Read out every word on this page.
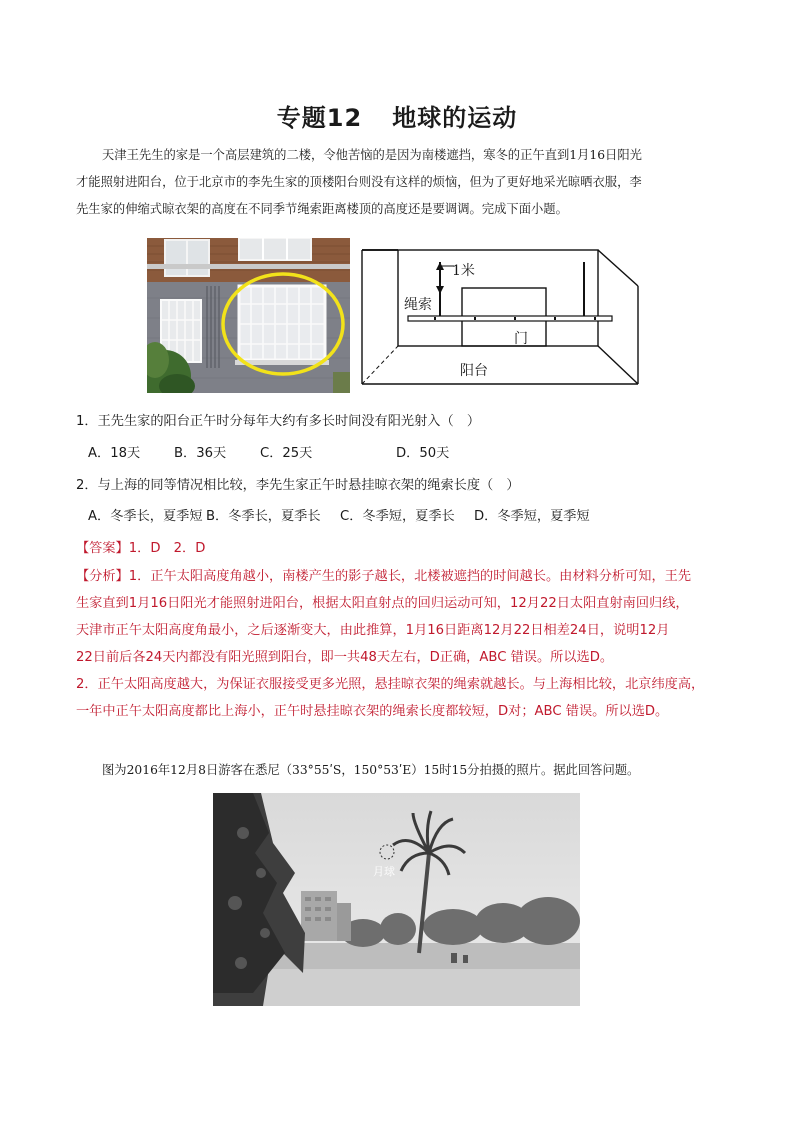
专题12 地球的运动

天津王先生的家是一个高层建筑的二楼，令他苦恼的是因为南楼遮挡，寒冬的正午直到1月16日阳光

才能照射进阳台，位于北京市的李先生家的顶楼阳台则没有这样的烦恼，但为了更好地采光晾晒衣服，李

先生家的伸缩式晾衣架的高度在不同季节绳索距离楼顶的高度还是要调调。完成下面小题。

1米
绳索
门
阳台
1．王先生家的阳台正午时分每年大约有多长时间没有阳光射入（　）
A．18天	B．36天	C．25天	D．50天
2．与上海的同等情况相比较，李先生家正午时悬挂晾衣架的绳索长度（　）
A．冬季长，夏季短 B．冬季长，夏季长 C．冬季短，夏季长 D．冬季短，夏季短
【答案】1．D　2．D

【分析】1．正午太阳高度角越小，南楼产生的影子越长，北楼被遮挡的时间越长。由材料分析可知，王先

生家直到1月16日阳光才能照射进阳台，根据太阳直射点的回归运动可知，12月22日太阳直射南回归线，

天津市正午太阳高度角最小，之后逐渐变大，由此推算，1月16日距离12月22日相差24日，说明12月

22日前后各24天内都没有阳光照到阳台，即一共48天左右，D正确，ABC 错误。所以选D。

2．正午太阳高度越大，为保证衣服接受更多光照，悬挂晾衣架的绳索就越长。与上海相比较，北京纬度高，

一年中正午太阳高度都比上海小，正午时悬挂晾衣架的绳索长度都较短，D对；ABC 错误。所以选D。

图为2016年12月8日游客在悉尼（33°55ʹS，150°53ʹE）15时15分拍摄的照片。据此回答问题。
月球
